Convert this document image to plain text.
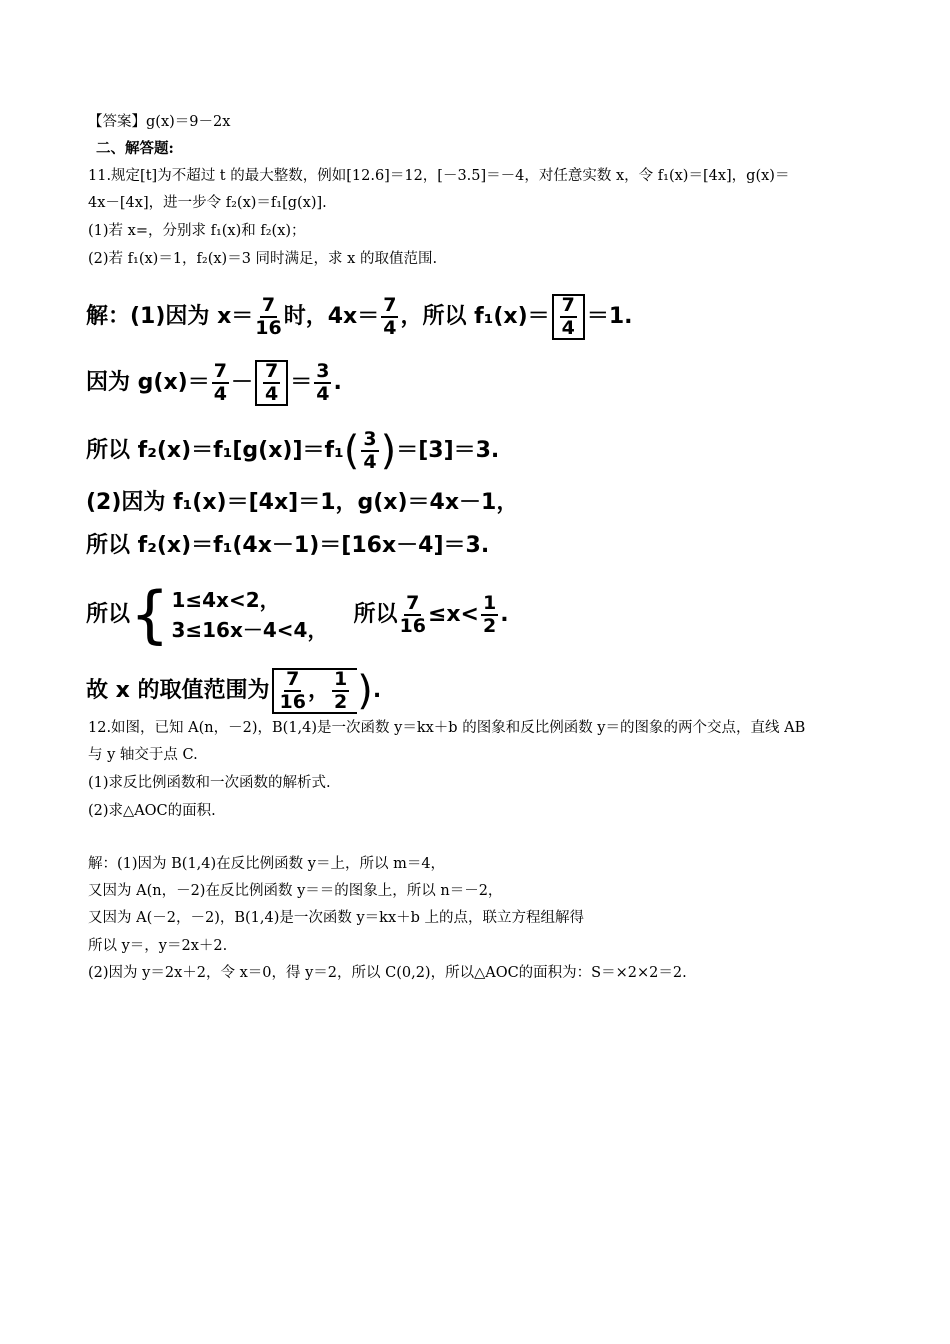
【答案】g(x)＝9－2x
二、解答题:
11.规定[t]为不超过 t 的最大整数，例如[12.6]＝12，[－3.5]＝－4，对任意实数 x，令 f₁(x)＝[4x]，g(x)＝
4x－[4x]，进一步令 f₂(x)＝f₁[g(x)].
(1)若 x=，分别求 f₁(x)和 f₂(x)；
(2)若 f₁(x)＝1，f₂(x)＝3 同时满足，求 x 的取值范围.
解：(1)因为 $x= \frac{7}{16}$ 时，$4x= \frac{7}{4}$ ，所以 $f_1(x)= \frac{7}{4} =1$.
因为 $g(x)= \frac{7}{4} - \frac{7}{4} = \frac{3}{4}$ .
所以 f₂(x)＝f₁[g(x)]＝f₁ ( $\frac{3}{4}$ ) ＝[3]＝3.
(2)因为 f₁(x)＝[4x]＝1，g(x)＝4x－1，
所以 f₂(x)＝f₁(4x－1)＝[16x－4]＝3.
所以 { 1≤4x<2，
3≤16x－4<4，
所以 $\frac{7}{16} \le x< \frac{1}{2}$ .
故 x 的取值范围为 $\frac{7}{16}$ ， $\frac{1}{2}$ ) .
12.如图，已知 A(n，－2)，B(1,4)是一次函数 y＝kx＋b 的图象和反比例函数 y＝的图象的两个交点，直线 AB
与 y 轴交于点 C.
(1)求反比例函数和一次函数的解析式.
(2)求△AOC的面积.
解：(1)因为 B(1,4)在反比例函数 y＝上，所以 m＝4，
又因为 A(n，－2)在反比例函数 y＝＝的图象上，所以 n＝－2，
又因为 A(－2，－2)，B(1,4)是一次函数 y＝kx＋b 上的点，联立方程组解得
所以 y＝，y＝2x＋2.
(2)因为 y＝2x＋2，令 x＝0，得 y＝2，所以 C(0,2)，所以△AOC的面积为：S＝×2×2＝2.
